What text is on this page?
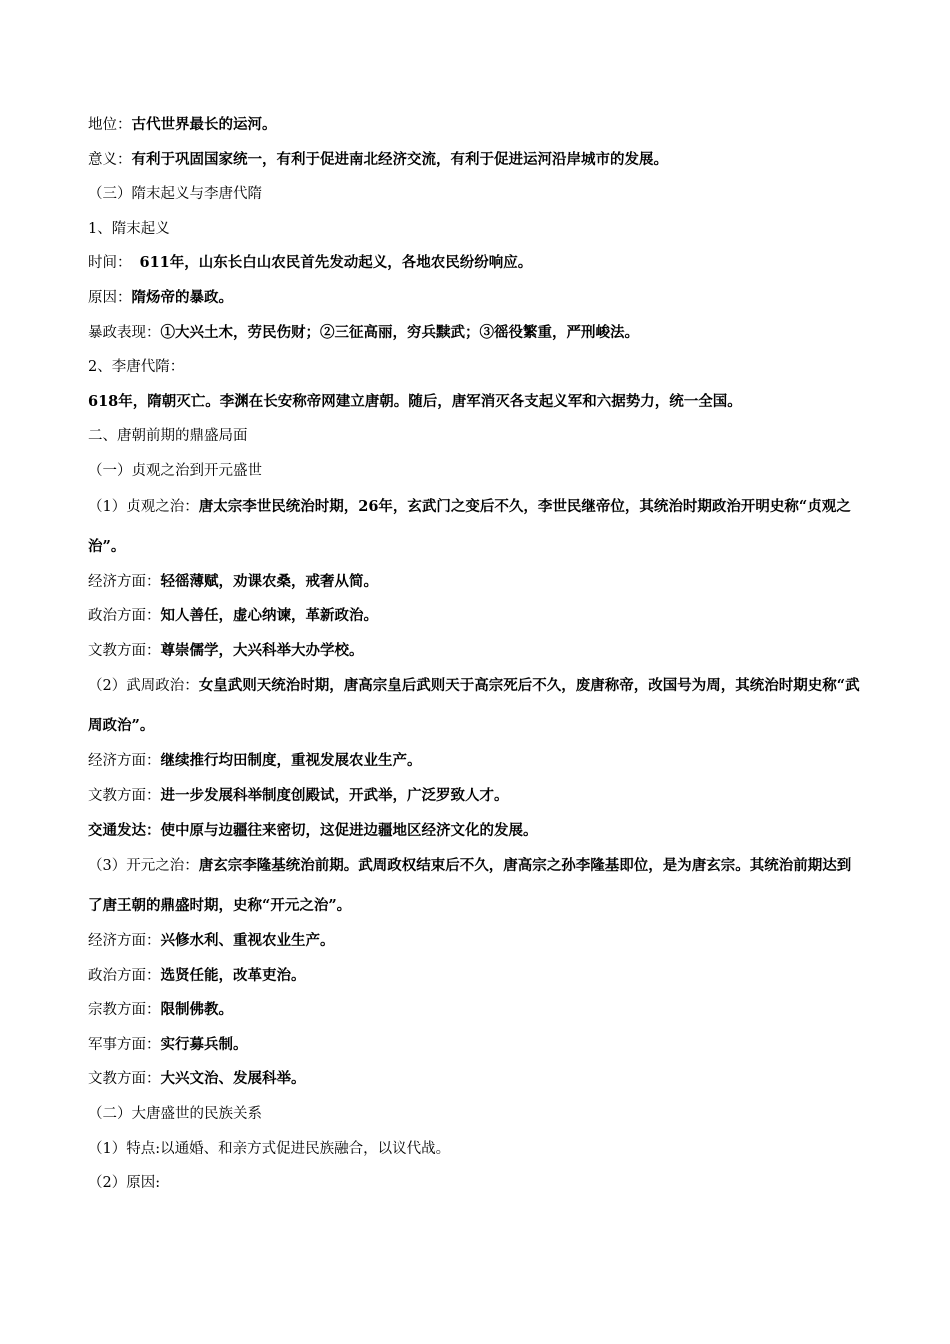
地位：古代世界最长的运河。
意义：有利于巩固国家统一，有利于促进南北经济交流，有利于促进运河沿岸城市的发展。
（三）隋末起义与李唐代隋
1、隋末起义
时间： 611年，山东长白山农民首先发动起义，各地农民纷纷响应。
原因：隋炀帝的暴政。
暴政表现：①大兴土木，劳民伤财；②三征高丽，穷兵黩武；③徭役繁重，严刑峻法。
2、李唐代隋：
618年，隋朝灭亡。李渊在长安称帝网建立唐朝。随后，唐军消灭各支起义军和六据势力，统一全国。
二、唐朝前期的鼎盛局面
（一）贞观之治到开元盛世
（1）贞观之治：唐太宗李世民统治时期，26年，玄武门之变后不久，李世民继帝位，其统治时期政治开明史称“贞观之治”。
经济方面：轻徭薄赋，劝课农桑，戒奢从简。
政治方面：知人善任，虚心纳谏，革新政治。
文教方面：尊崇儒学，大兴科举大办学校。
（2）武周政治：女皇武则天统治时期，唐高宗皇后武则天于高宗死后不久，废唐称帝，改国号为周，其统治时期史称“武周政治”。
经济方面：继续推行均田制度，重视发展农业生产。
文教方面：进一步发展科举制度创殿试，开武举，广泛罗致人才。
交通发达：使中原与边疆往来密切，这促进边疆地区经济文化的发展。
（3）开元之治：唐玄宗李隆基统治前期。武周政权结束后不久，唐高宗之孙李隆基即位，是为唐玄宗。其统治前期达到了唐王朝的鼎盛时期，史称“开元之治”。
经济方面：兴修水利、重视农业生产。
政治方面：选贤任能，改革吏治。
宗教方面：限制佛教。
军事方面：实行募兵制。
文教方面：大兴文治、发展科举。
（二）大唐盛世的民族关系
（1）特点:以通婚、和亲方式促进民族融合，以议代战。
（2）原因:
